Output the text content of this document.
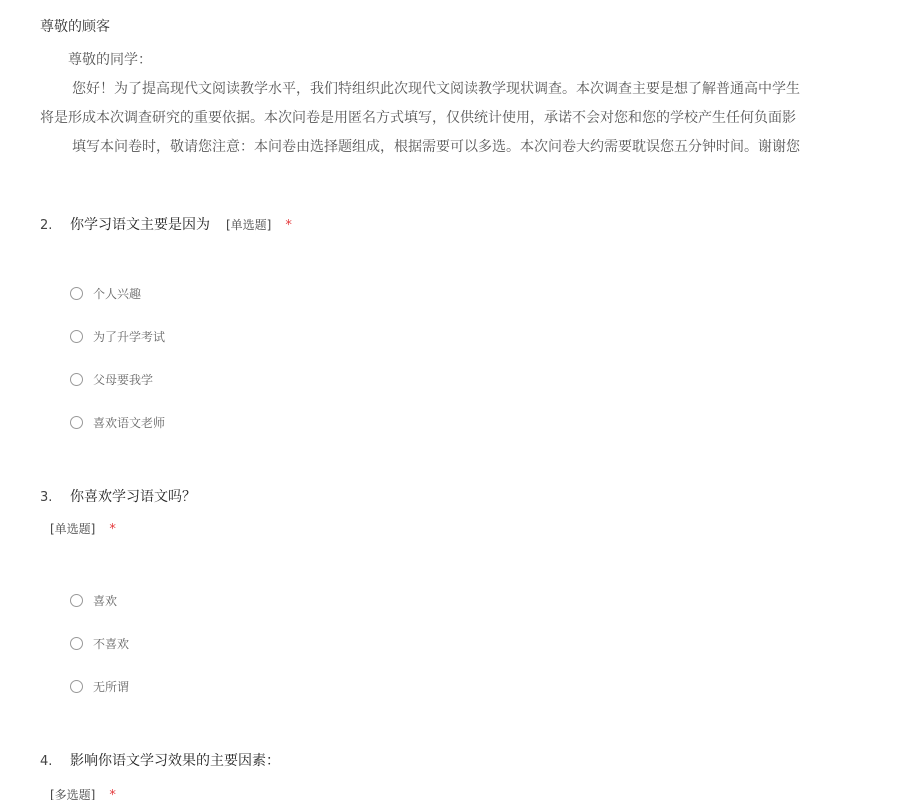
尊敬的顾客
尊敬的同学：
您好！为了提高现代文阅读教学水平，我们特组织此次现代文阅读教学现状调查。本次调查主要是想了解普通高中学生
将是形成本次调查研究的重要依据。本次问卷是用匿名方式填写，仅供统计使用，承诺不会对您和您的学校产生任何负面影
填写本问卷时，敬请您注意：本问卷由选择题组成，根据需要可以多选。本次问卷大约需要耽误您五分钟时间。谢谢您
2.	你学习语文主要是因为 [单选题] *
个人兴趣
为了升学考试
父母要我学
喜欢语文老师
3.	你喜欢学习语文吗？
[单选题] *
喜欢
不喜欢
无所谓
4.	影响你语文学习效果的主要因素：
[多选题] *
